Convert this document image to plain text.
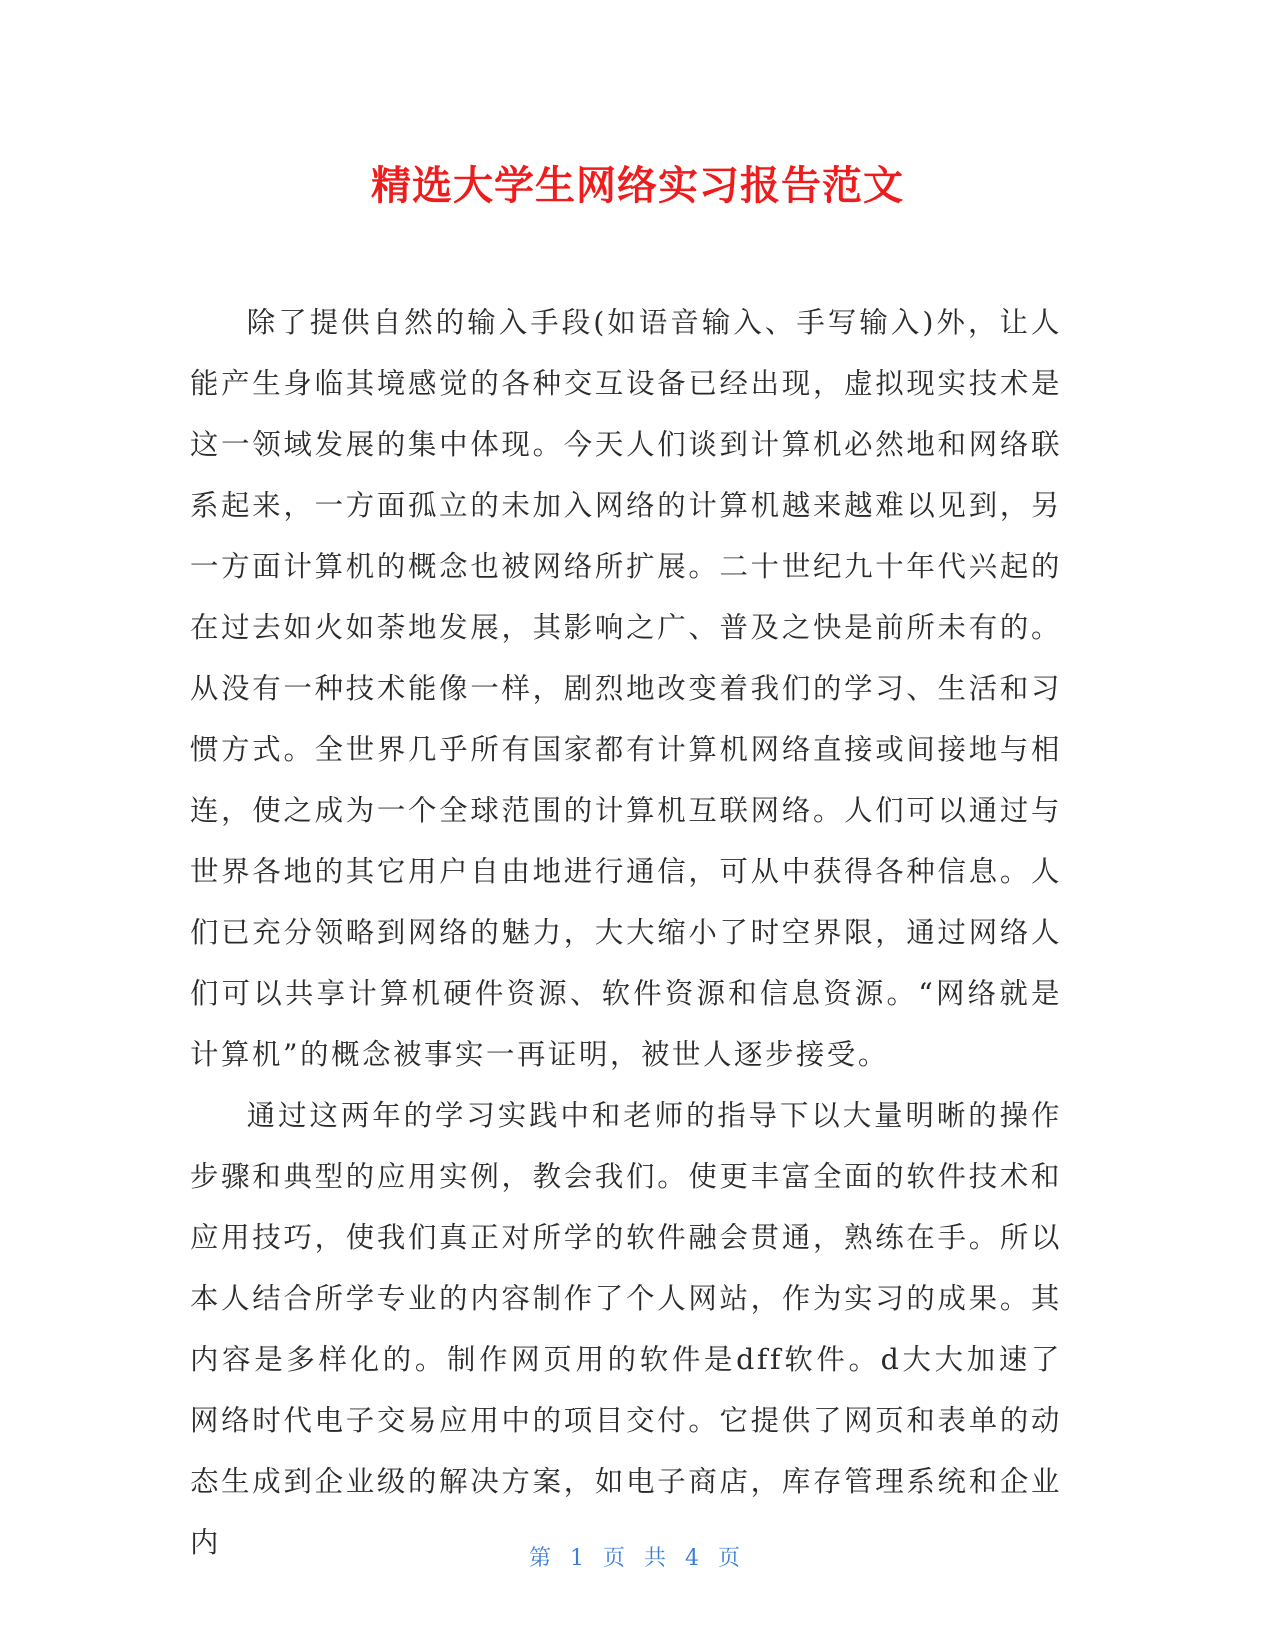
精选大学生网络实习报告范文

除了提供自然的输入手段(如语音输入、手写输入)外，让人能产生身临其境感觉的各种交互设备已经出现，虚拟现实技术是这一领域发展的集中体现。今天人们谈到计算机必然地和网络联系起来，一方面孤立的未加入网络的计算机越来越难以见到，另一方面计算机的概念也被网络所扩展。二十世纪九十年代兴起的在过去如火如荼地发展，其影响之广、普及之快是前所未有的。从没有一种技术能像一样，剧烈地改变着我们的学习、生活和习惯方式。全世界几乎所有国家都有计算机网络直接或间接地与相连，使之成为一个全球范围的计算机互联网络。人们可以通过与世界各地的其它用户自由地进行通信，可从中获得各种信息。人们已充分领略到网络的魅力，大大缩小了时空界限，通过网络人们可以共享计算机硬件资源、软件资源和信息资源。“网络就是计算机”的概念被事实一再证明，被世人逐步接受。

通过这两年的学习实践中和老师的指导下以大量明晰的操作步骤和典型的应用实例，教会我们。使更丰富全面的软件技术和应用技巧，使我们真正对所学的软件融会贯通，熟练在手。所以本人结合所学专业的内容制作了个人网站，作为实习的成果。其内容是多样化的。制作网页用的软件是dff软件。d大大加速了网络时代电子交易应用中的项目交付。它提供了网页和表单的动态生成到企业级的解决方案，如电子商店，库存管理系统和企业内	第 1 页 共 4 页
